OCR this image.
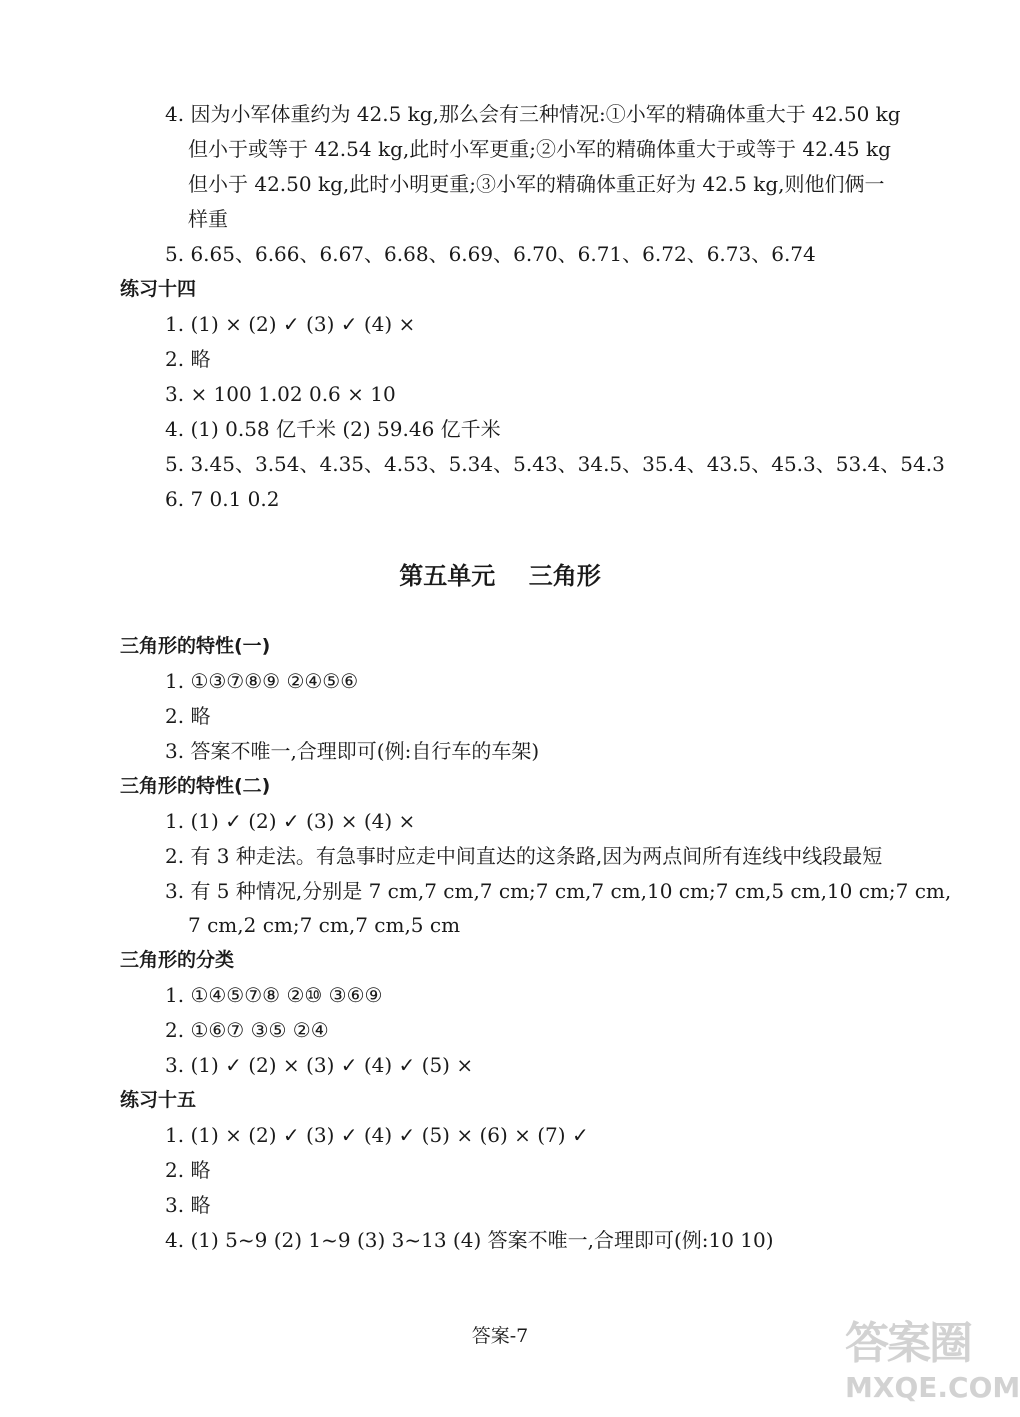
4. 因为小军体重约为 42.5 kg,那么会有三种情况:①小军的精确体重大于 42.50 kg
但小于或等于 42.54 kg,此时小军更重;②小军的精确体重大于或等于 42.45 kg
但小于 42.50 kg,此时小明更重;③小军的精确体重正好为 42.5 kg,则他们俩一
样重
5. 6.65、6.66、6.67、6.68、6.69、6.70、6.71、6.72、6.73、6.74
练习十四
1. (1) × (2) ✓ (3) ✓ (4) ×
2. 略
3. × 100 1.02 0.6 × 10
4. (1) 0.58 亿千米 (2) 59.46 亿千米
5. 3.45、3.54、4.35、4.53、5.34、5.43、34.5、35.4、43.5、45.3、53.4、54.3
6. 7 0.1 0.2
第五单元    三角形
三角形的特性(一)
1. ①③⑦⑧⑨ ②④⑤⑥
2. 略
3. 答案不唯一,合理即可(例:自行车的车架)
三角形的特性(二)
1. (1) ✓ (2) ✓ (3) × (4) ×
2. 有 3 种走法。有急事时应走中间直达的这条路,因为两点间所有连线中线段最短
3. 有 5 种情况,分别是 7 cm,7 cm,7 cm;7 cm,7 cm,10 cm;7 cm,5 cm,10 cm;7 cm,
7 cm,2 cm;7 cm,7 cm,5 cm
三角形的分类
1. ①④⑤⑦⑧ ②⑩ ③⑥⑨
2. ①⑥⑦ ③⑤ ②④
3. (1) ✓ (2) × (3) ✓ (4) ✓ (5) ×
练习十五
1. (1) × (2) ✓ (3) ✓ (4) ✓ (5) × (6) × (7) ✓
2. 略
3. 略
4. (1) 5~9 (2) 1~9 (3) 3~13 (4) 答案不唯一,合理即可(例:10 10)
答案-7	答案圈
MXQE.COM
